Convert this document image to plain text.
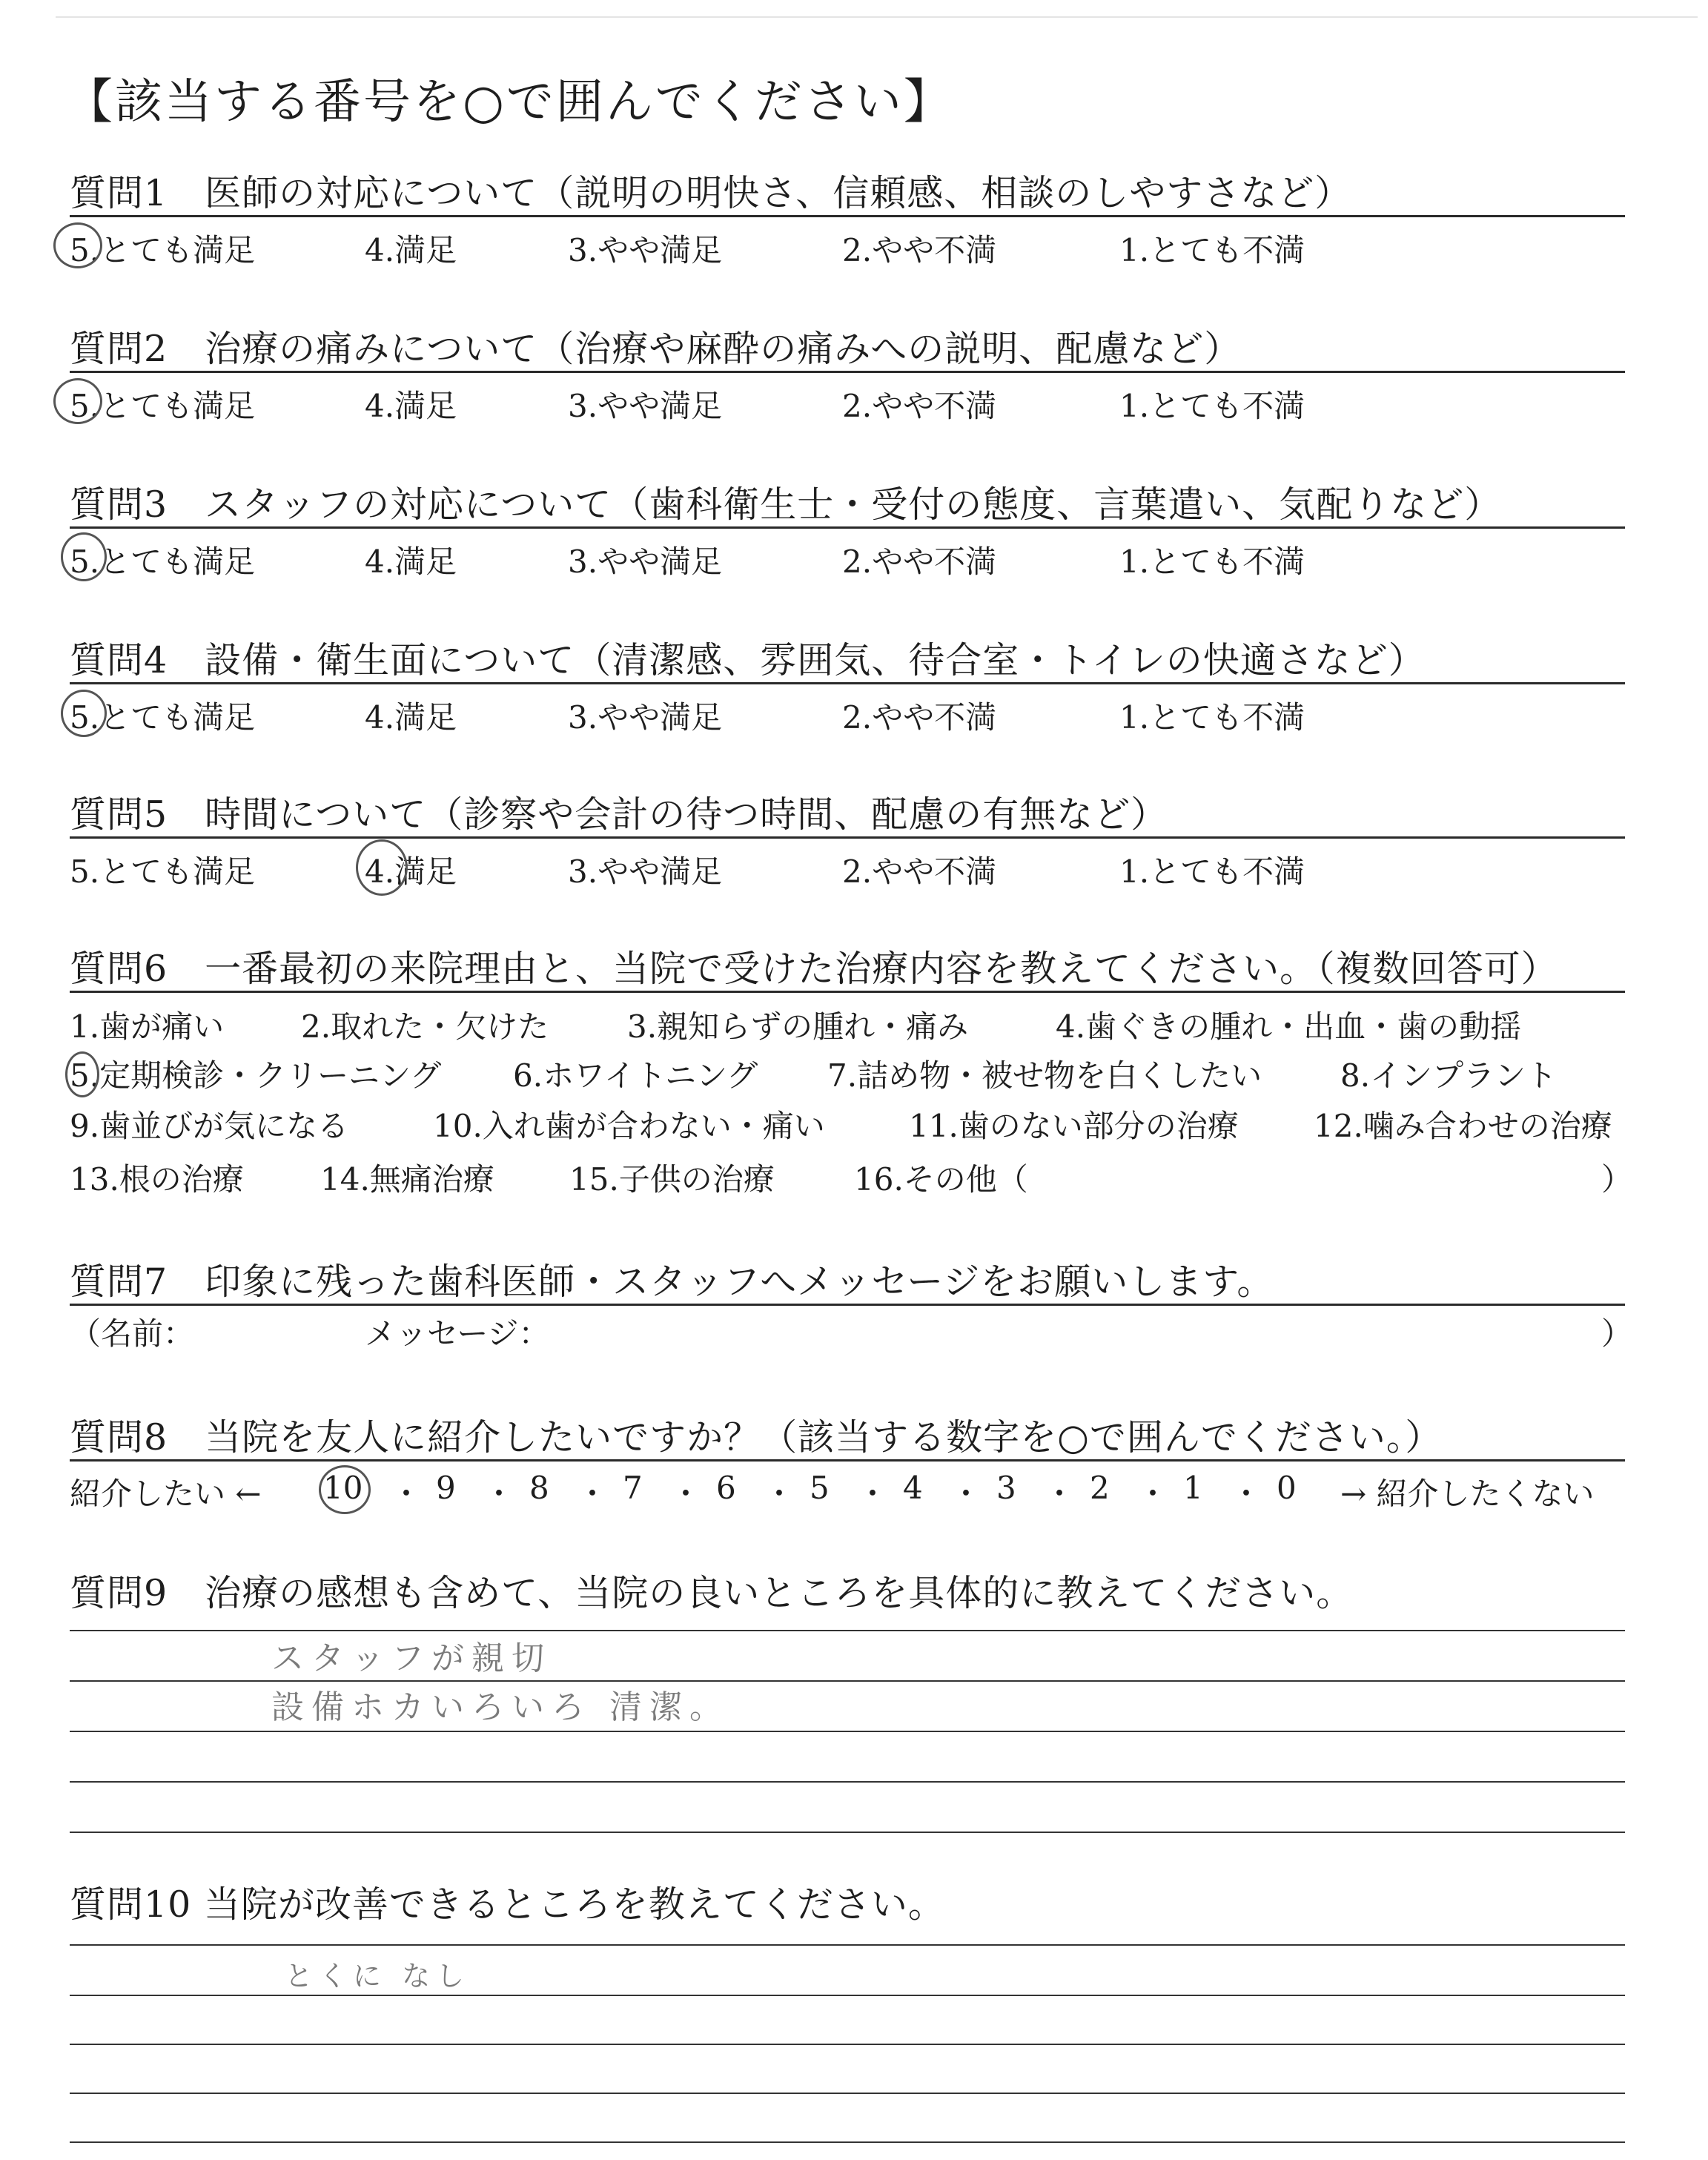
【該当する番号を○で囲んでください】
質問1　医師の対応について（説明の明快さ、信頼感、相談のしやすさなど）
5.とても満足	4.満足	3.やや満足	2.やや不満	1.とても不満
質問2　治療の痛みについて（治療や麻酔の痛みへの説明、配慮など）
5.とても満足	4.満足	3.やや満足	2.やや不満	1.とても不満
質問3　スタッフの対応について（歯科衛生士・受付の態度、言葉遣い、気配りなど）
5.とても満足	4.満足	3.やや満足	2.やや不満	1.とても不満
質問4　設備・衛生面について（清潔感、雰囲気、待合室・トイレの快適さなど）
5.とても満足	4.満足	3.やや満足	2.やや不満	1.とても不満
質問5　時間について（診察や会計の待つ時間、配慮の有無など）
5.とても満足	4.満足	3.やや満足	2.やや不満	1.とても不満
質問6　一番最初の来院理由と、当院で受けた治療内容を教えてください。（複数回答可）
1.歯が痛い 2.取れた・欠けた	3.親知らずの腫れ・痛み	4.歯ぐきの腫れ・出血・歯の動揺
5.定期検診・クリーニング 6.ホワイトニング 7.詰め物・被せ物を白くしたい	8.インプラント
9.歯並びが気になる	10.入れ歯が合わない・痛い	11.歯のない部分の治療 12.噛み合わせの治療
13.根の治療 14.無痛治療 15.子供の治療	16.その他（	）
質問7　印象に残った歯科医師・スタッフへメッセージをお願いします。
（名前：	メッセージ：	）
質問8　当院を友人に紹介したいですか？（該当する数字を○で囲んでください。）
紹介したい ← 10 ・ 9 ・ 8 ・ 7 ・ 6 ・ 5 ・ 4 ・ 3 ・ 2 ・ 1 ・ 0 → 紹介したくない
質問9　治療の感想も含めて、当院の良いところを具体的に教えてください。
スタッフが親切
設備ホカいろいろ 清潔。
質問10 当院が改善できるところを教えてください。
とくに なし
